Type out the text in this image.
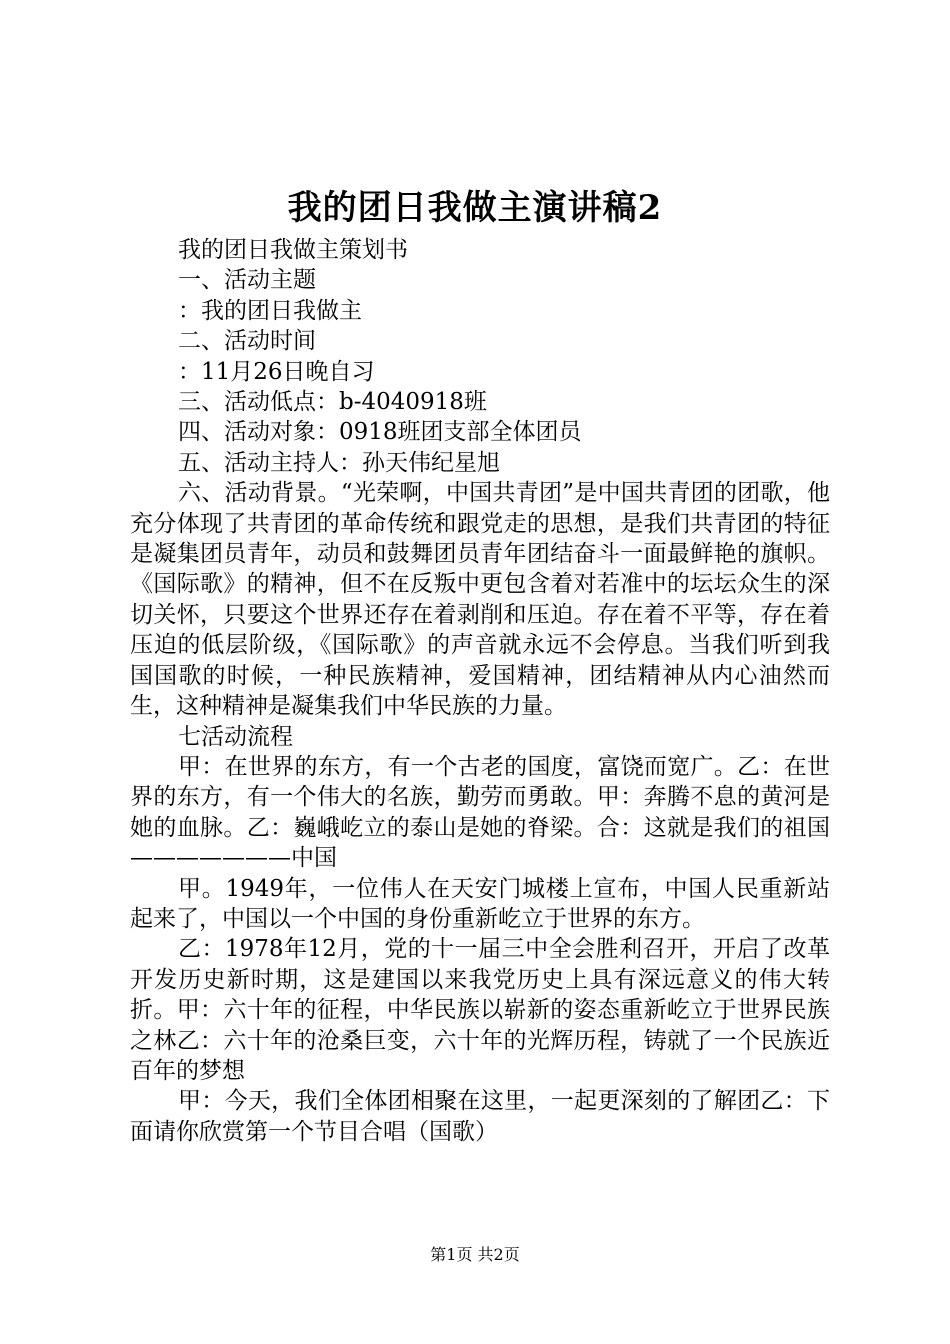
我的团日我做主演讲稿2

我的团日我做主策划书

一、活动主题

：我的团日我做主

二、活动时间

：11月26日晚自习

三、活动低点：b-4040918班

四、活动对象：0918班团支部全体团员

五、活动主持人：孙天伟纪星旭

六、活动背景。“光荣啊，中国共青团”是中国共青团的团歌，他充分体现了共青团的革命传统和跟党走的思想，是我们共青团的特征是凝集团员青年，动员和鼓舞团员青年团结奋斗一面最鲜艳的旗帜。《国际歌》的精神，但不在反叛中更包含着对若准中的坛坛众生的深切关怀，只要这个世界还存在着剥削和压迫。存在着不平等，存在着压迫的低层阶级，《国际歌》的声音就永远不会停息。当我们听到我国国歌的时候，一种民族精神，爱国精神，团结精神从内心油然而生，这种精神是凝集我们中华民族的力量。

七活动流程

甲：在世界的东方，有一个古老的国度，富饶而宽广。乙：在世界的东方，有一个伟大的名族，勤劳而勇敢。甲：奔腾不息的黄河是她的血脉。乙：巍峨屹立的泰山是她的脊梁。合：这就是我们的祖国———————中国

甲。1949年，一位伟人在天安门城楼上宣布，中国人民重新站起来了，中国以一个中国的身份重新屹立于世界的东方。

乙：1978年12月，党的十一届三中全会胜利召开，开启了改革开发历史新时期，这是建国以来我党历史上具有深远意义的伟大转折。甲：六十年的征程，中华民族以崭新的姿态重新屹立于世界民族之林乙：六十年的沧桑巨变，六十年的光辉历程，铸就了一个民族近百年的梦想

甲：今天，我们全体团相聚在这里，一起更深刻的了解团乙：下面请你欣赏第一个节目合唱（国歌）

第1页 共2页
